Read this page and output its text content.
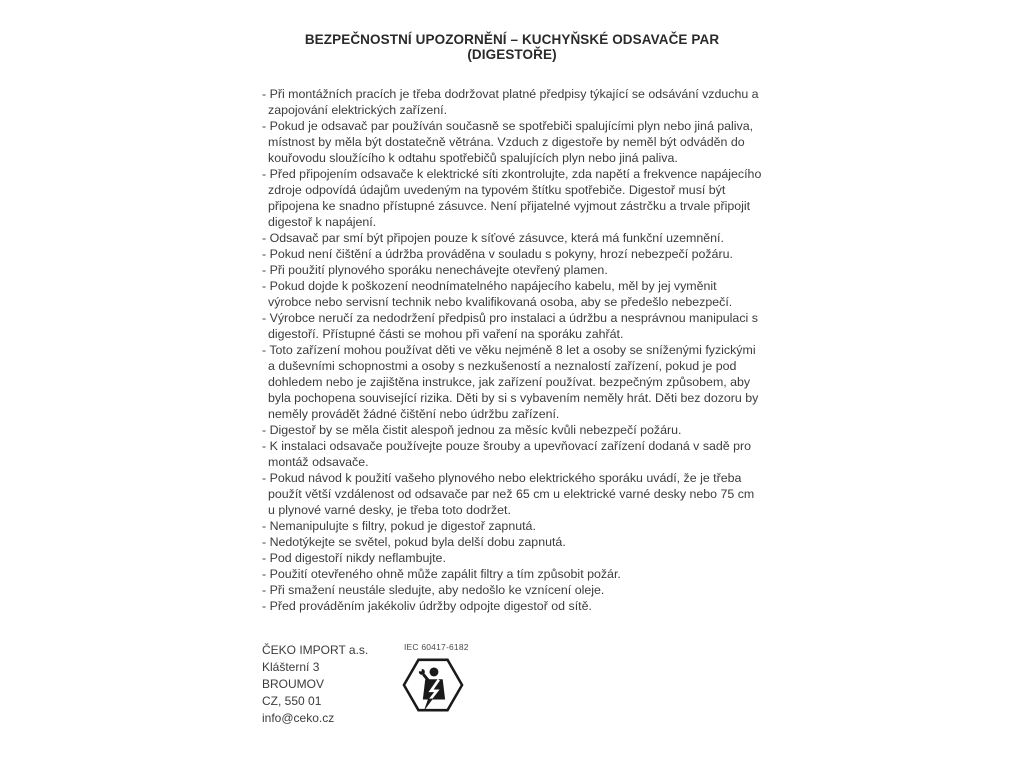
BEZPEČNOSTNÍ UPOZORNĚNÍ – KUCHYŇSKÉ ODSAVAČE PAR (DIGESTOŘE)

- Při montážních pracích je třeba dodržovat platné předpisy týkající se odsávání vzduchu a zapojování elektrických zařízení.

- Pokud je odsavač par používán současně se spotřebiči spalujícími plyn nebo jiná paliva, místnost by měla být dostatečně větrána. Vzduch z digestoře by neměl být odváděn do kouřovodu sloužícího k odtahu spotřebičů spalujících plyn nebo jiná paliva.

- Před připojením odsavače k elektrické síti zkontrolujte, zda napětí a frekvence napájecího zdroje odpovídá údajům uvedeným na typovém štítku spotřebiče. Digestoř musí být připojena ke snadno přístupné zásuvce. Není přijatelné vyjmout zástrčku a trvale připojit digestoř k napájení.

- Odsavač par smí být připojen pouze k síťové zásuvce, která má funkční uzemnění.

- Pokud není čištění a údržba prováděna v souladu s pokyny, hrozí nebezpečí požáru.

- Při použití plynového sporáku nenechávejte otevřený plamen.

- Pokud dojde k poškození neodnímatelného napájecího kabelu, měl by jej vyměnit výrobce nebo servisní technik nebo kvalifikovaná osoba, aby se předešlo nebezpečí.

- Výrobce neručí za nedodržení předpisů pro instalaci a údržbu a nesprávnou manipulaci s digestoří. Přístupné části se mohou při vaření na sporáku zahřát.

- Toto zařízení mohou používat děti ve věku nejméně 8 let a osoby se sníženými fyzickými a duševními schopnostmi a osoby s nezkušeností a neznalostí zařízení, pokud je pod dohledem nebo je zajištěna instrukce, jak zařízení používat. bezpečným způsobem, aby byla pochopena související rizika. Děti by si s vybavením neměly hrát. Děti bez dozoru by neměly provádět žádné čištění nebo údržbu zařízení.

- Digestoř by se měla čistit alespoň jednou za měsíc kvůli nebezpečí požáru.

- K instalaci odsavače používejte pouze šrouby a upevňovací zařízení dodaná v sadě pro montáž odsavače.

- Pokud návod k použití vašeho plynového nebo elektrického sporáku uvádí, že je třeba použít větší vzdálenost od odsavače par než 65 cm u elektrické varné desky nebo 75 cm u plynové varné desky, je třeba toto dodržet.

- Nemanipulujte s filtry, pokud je digestoř zapnutá.

- Nedotýkejte se světel, pokud byla delší dobu zapnutá.

- Pod digestoří nikdy neflambujte.

- Použití otevřeného ohně může zapálit filtry a tím způsobit požár.

- Při smažení neustále sledujte, aby nedošlo ke vznícení oleje.

- Před prováděním jakékoliv údržby odpojte digestoř od sítě.

ČEKO IMPORT a.s.
Klášterní 3
BROUMOV
CZ, 550 01
info@ceko.cz
IEC 60417-6182
